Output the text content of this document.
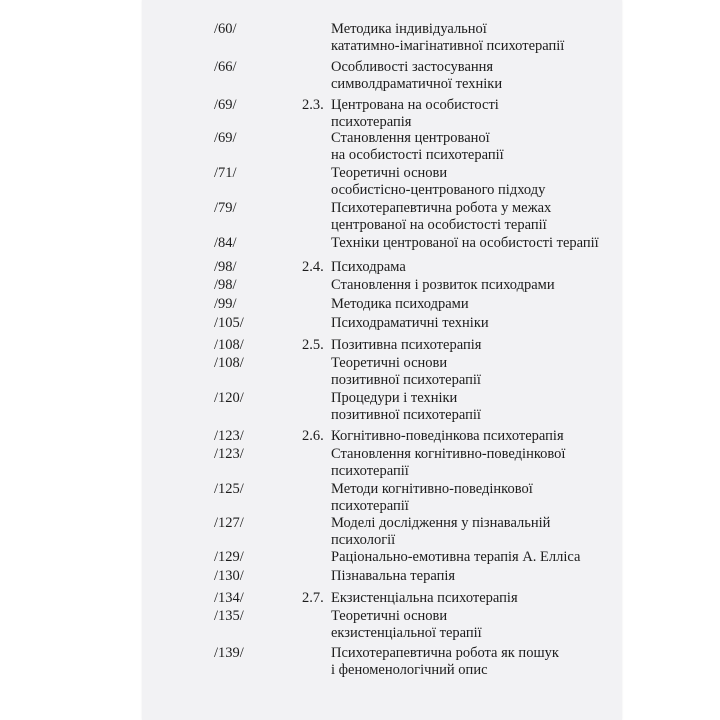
/60/	Методика індивідуальної
кататимно-імагінативної психотерапії
/66/	Особливості застосування
символдраматичної техніки
/69/	2.3. Центрована на особистості
психотерапія
/69/	Становлення центрованої
на особистості психотерапії
/71/	Теоретичні основи
особистісно-центрованого підходу
/79/	Психотерапевтична робота у межах
центрованої на особистості терапії
/84/	Техніки центрованої на особистості терапії
/98/	2.4. Психодрама
/98/	Становлення і розвиток психодрами
/99/	Методика психодрами
/105/	Психодраматичні техніки
/108/	2.5. Позитивна психотерапія
/108/	Теоретичні основи
позитивної психотерапії
/120/	Процедури і техніки
позитивної психотерапії
/123/	2.6. Когнітивно-поведінкова психотерапія
/123/	Становлення когнітивно-поведінкової
психотерапії
/125/	Методи когнітивно-поведінкової
психотерапії
/127/	Моделі дослідження у пізнавальній
психології
/129/	Раціонально-емотивна терапія А. Елліса
/130/	Пізнавальна терапія
/134/	2.7. Екзистенціальна психотерапія
/135/	Теоретичні основи
екзистенціальної терапії
/139/	Психотерапевтична робота як пошук
і феноменологічний опис
